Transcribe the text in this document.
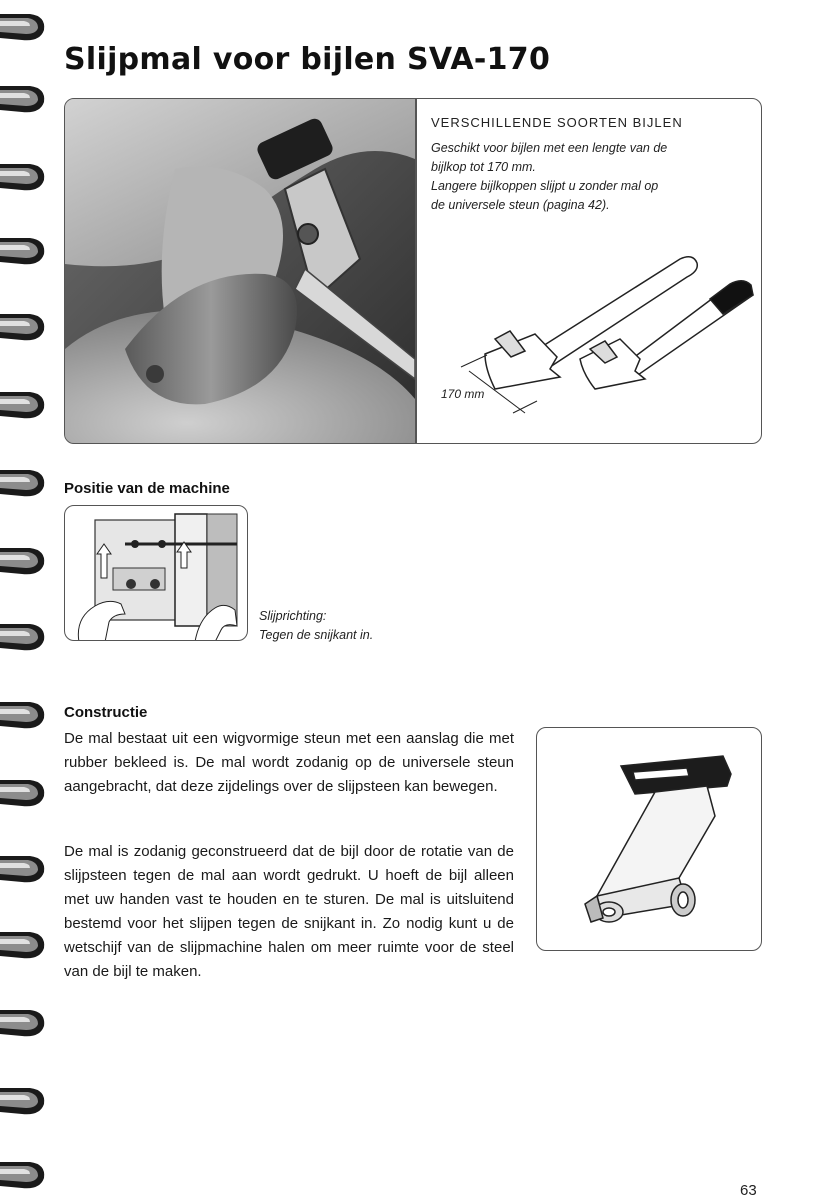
Slijpmal voor bijlen SVA-170
VERSCHILLENDE SOORTEN BIJLEN

Geschikt voor bijlen met een lengte van de
bijlkop tot 170 mm.
Langere bijlkoppen slijpt u zonder mal op
de universele steun (pagina 42).

170 mm
Positie van de machine

Slijprichting:
Tegen de snijkant in.

Constructie

De mal bestaat uit een wigvormige steun met een aanslag die met rubber bekleed is. De mal wordt zodanig op de universele steun aangebracht, dat deze zijdelings over de slijpsteen kan bewegen.

De mal is zodanig geconstrueerd dat de bijl door de rotatie van de slijpsteen tegen de mal aan wordt gedrukt. U hoeft de bijl alleen met uw handen vast te houden en te sturen. De mal is uitsluitend bestemd voor het slijpen tegen de snijkant in. Zo nodig kunt u de wetschijf van de slijpmachine halen om meer ruimte voor de steel van de bijl te maken.

63
